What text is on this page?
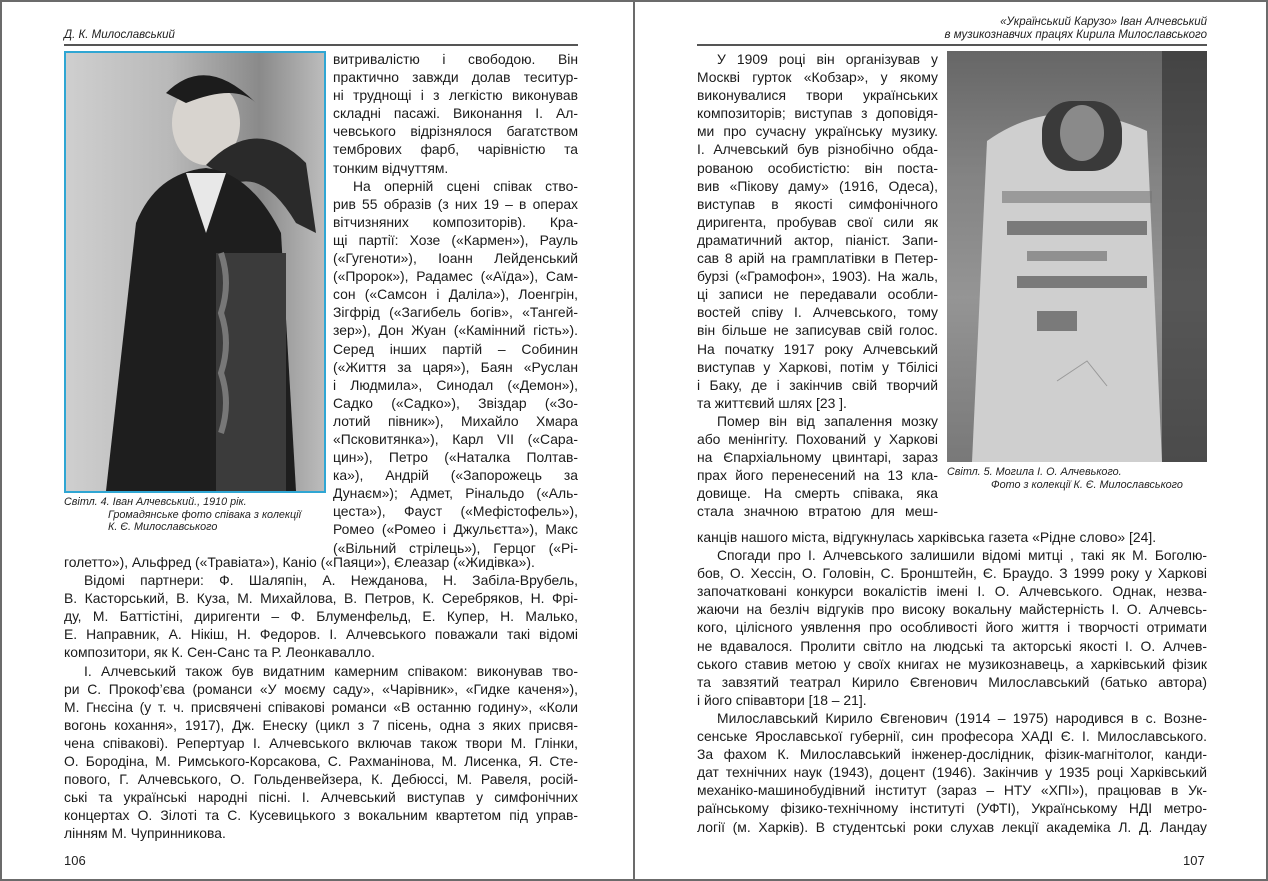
Д. К. Милославський
Світл. 4. Іван Алчевський., 1910 рік.
Громадянське фото співака з колекції
К. Є. Милославського
витривалістю і свободою. Він
практично завжди долав теситур-
ні труднощі і з легкістю виконував
складні пасажі. Виконання І. Ал-
чевського відрізнялося багатством
тембрових фарб, чарівністю та
тонким відчуттям.
На оперній сцені співак ство-
рив 55 образів (з них 19 – в операх
вітчизняних композиторів). Кра-
щі партії: Хозе («Кармен»), Рауль
(«Гугеноти»), Іоанн Лейденський
(«Пророк»), Радамес («Аїда»), Сам-
сон («Самсон і Даліла»), Лоенгрін,
Зігфрід («Загибель богів», «Тангей-
зер»), Дон Жуан («Камінний гість»).
Серед інших партій – Собинин
(«Життя за царя»), Баян «Руслан
і Людмила», Синодал («Демон»),
Садко («Садко»), Звіздар («Зо-
лотий півник»), Михайло Хмара
«Псковитянка»), Карл VII («Сара-
цин»), Петро («Наталка Полтав-
ка»), Андрій («Запорожець за
Дунаєм»); Адмет, Рінальдо («Аль-
цеста»), Фауст («Мефістофель»),
Ромео («Ромео і Джульєтта»), Макс
(«Вільний стрілець»), Герцог («Рі-
голетто»), Альфред («Травіата»), Каніо («Паяци»), Єлеазар («Жидівка»).
Відомі партнери: Ф. Шаляпін, А. Нежданова, Н. Забіла-Врубель,
В. Касторський, В. Куза, М. Михайлова, В. Петров, К. Серебряков, Н. Фрі-
ду, М. Баттістіні, диригенти – Ф. Блуменфельд, Е. Купер, Н. Малько,
Е. Направник, А. Нікіш, Н. Федоров. І. Алчевського поважали такі відомі
композитори, як К. Сен-Санс та Р. Леонкавалло.
І. Алчевський також був видатним камерним співаком: виконував тво-
ри С. Прокоф’єва (романси «У моєму саду», «Чарівник», «Гидке каченя»),
М. Гнєсіна (у т. ч. присвячені співакові романси «В останню годину», «Коли
вогонь кохання», 1917), Дж. Енеску (цикл з 7 пісень, одна з яких присвя-
чена співакові). Репертуар І. Алчевського включав також твори М. Глінки,
О. Бородіна, М. Римського-Корсакова, С. Рахманінова, М. Лисенка, Я. Сте-
пового, Г. Алчевського, О. Гольденвейзера, К. Дебюссі, М. Равеля, росій-
ські та українські народні пісні. І. Алчевський виступав у симфонічних
концертах О. Зілоті та С. Кусевицького з вокальним квартетом під управ-
лінням М. Чупринникова.
106
«Український Карузо» Іван Алчевський
в музикознавчих працях Кирила Милославського
Світл. 5. Могила І. О. Алчевького.
Фото з колекції К. Є. Милославського
У 1909 році він організував у
Москві гурток «Кобзар», у якому
виконувалися твори українських
композиторів; виступав з доповідя-
ми про сучасну українську музику.
І. Алчевський був різнобічно обда-
рованою особистістю: він поста-
вив «Пікову даму» (1916, Одеса),
виступав в якості симфонічного
диригента, пробував свої сили як
драматичний актор, піаніст. Запи-
сав 8 арій на грамплатівки в Петер-
бурзі («Грамофон», 1903). На жаль,
ці записи не передавали особли-
востей співу І. Алчевського, тому
він більше не записував свій голос.
На початку 1917 року Алчевський
виступав у Харкові, потім у Тбілісі
і Баку, де і закінчив свій творчий
та життєвий шлях [23 ].
Помер він від запалення мозку
або менінгіту. Похований у Харкові
на Єпархіальному цвинтарі, зараз
прах його перенесений на 13 кла-
довище. На смерть співака, яка
стала значною втратою для меш-
канців нашого міста, відгукнулась харківська газета «Рідне слово» [24].
Спогади про І. Алчевського залишили відомі митці , такі як М. Боголю-
бов, О. Хессін, О. Головін, С. Бронштейн, Є. Браудо. З 1999 року у Харкові
започатковані конкурси вокалістів імені І. О. Алчевського. Однак, незва-
жаючи на безліч відгуків про високу вокальну майстерність І. О. Алчевсь-
кого, цілісного уявлення про особливості його життя і творчості отримати
не вдавалося. Пролити світло на людські та акторські якості І. О. Алчев-
ського ставив метою у своїх книгах не музикознавець, а харківський фізик
та завзятий театрал Кирило Євгенович Милославський (батько автора)
і його співавтори [18 – 21].
Милославський Кирило Євгенович (1914 – 1975) народився в с. Возне-
сенське Ярославської губернії, син професора ХАДІ Є. І. Милославського.
За фахом К. Милославський інженер-дослідник, фізик-магнітолог, канди-
дат технічних наук (1943), доцент (1946). Закінчив у 1935 році Харківський
механіко-машинобудівний інститут (зараз – НТУ «ХПІ»), працював в Ук-
раїнському фізико-технічному інституті (УФТІ), Українському НДІ метро-
логії (м. Харків). В студентські роки слухав лекції академіка Л. Д. Ландау
107
